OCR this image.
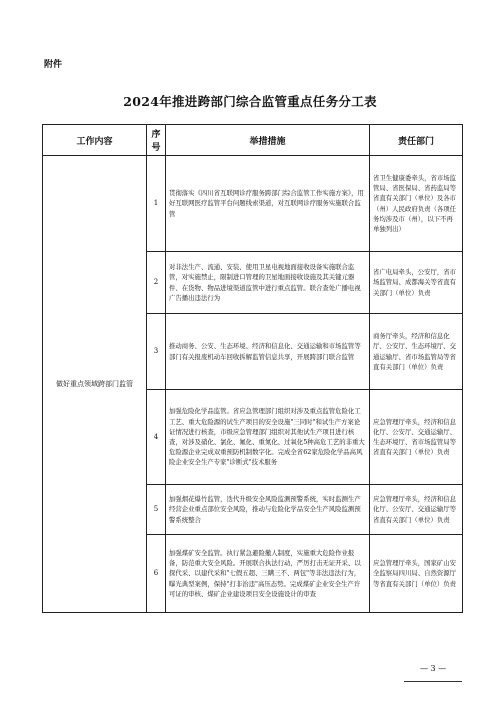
附件
2024年推进跨部门综合监管重点任务分工表
工作内容	序号	举措措施	责任部门
做好重点领域跨部门监管	1	贯彻落实《四川省互联网诊疗服务跨部门综合监管工作实施方案》，用好互联网医疗监管平台问题线索渠道，对互联网诊疗服务实施联合监管	省卫生健康委牵头，省市场监管局、省医保局、省药监局等省直有关部门（单位）及各市（州）人民政府负责（各项任务均涉及市（州），以下不再单独列出）
	2	对非法生产、流通、安装、使用卫星电视地面接收设备实施联合监管，对实施禁止，限制进口管理的卫星地面接收设施及其关键元器件、在货物、物品进境渠道监管中进行重点监管。联合查处广播电视广告播出违法行为	省广电局牵头，公安厅，省市场监管局、成都海关等省直有关部门（单位）负责
	3	推动商务、公安、生态环境、经济和信息化、交通运输和市场监管等部门有关报废机动车回收拆解监管信息共享，开展跨部门联合监管	商务厅牵头，经济和信息化厅、公安厅、生态环境厅、交通运输厅、省市场监管局等省直有关部门（单位）负责
	4	加强危险化学品监管。省应急管理部门组织对涉及重点监管危险化工工艺、重大危险源的试生产项目的安全设施"三同时"和试生产方案论证情况进行核查，市级应急管理部门组织对其他试生产项目进行核查，对涉及硝化、氯化、氟化、重氮化、过氧化5种高危工艺的非重大危险源企业完成双重预防机制数字化。完成全省62家危险化学品高风险企业安全生产专家"诊断式"技术服务	应急管理厅牵头，经济和信息化厅、公安厅、交通运输厅、生态环境厅、省市场监管局等省直有关部门（单位）负责
	5	加强烟花爆竹监管，迭代升级安全风险监测预警系统，实时监测生产经营企业重点部位安全风险，推动与危险化学品安全生产风险监测预警系统整合	应急管理厅牵头，经济和信息化厅、公安厅、交通运输厅等省直有关部门（单位）负责
	6	加强煤矿安全监管。执行紧急避险撤人制度，实施重大危险作业报备，防范重大安全风险。开展联合执法行动，严厉打击无证开采、以探代采、以建代采和"七假五超、三瞒三不、两包"等非法违法行为，曝光典型案例，保持"打非治违"高压态势。完成煤矿企业安全生产许可证的审核、煤矿企业建设项目安全设施设计的审查	应急管理厅牵头，国家矿山安全监察局四川局、自然资源厅等省直有关部门（单位）负责
— 3 —
